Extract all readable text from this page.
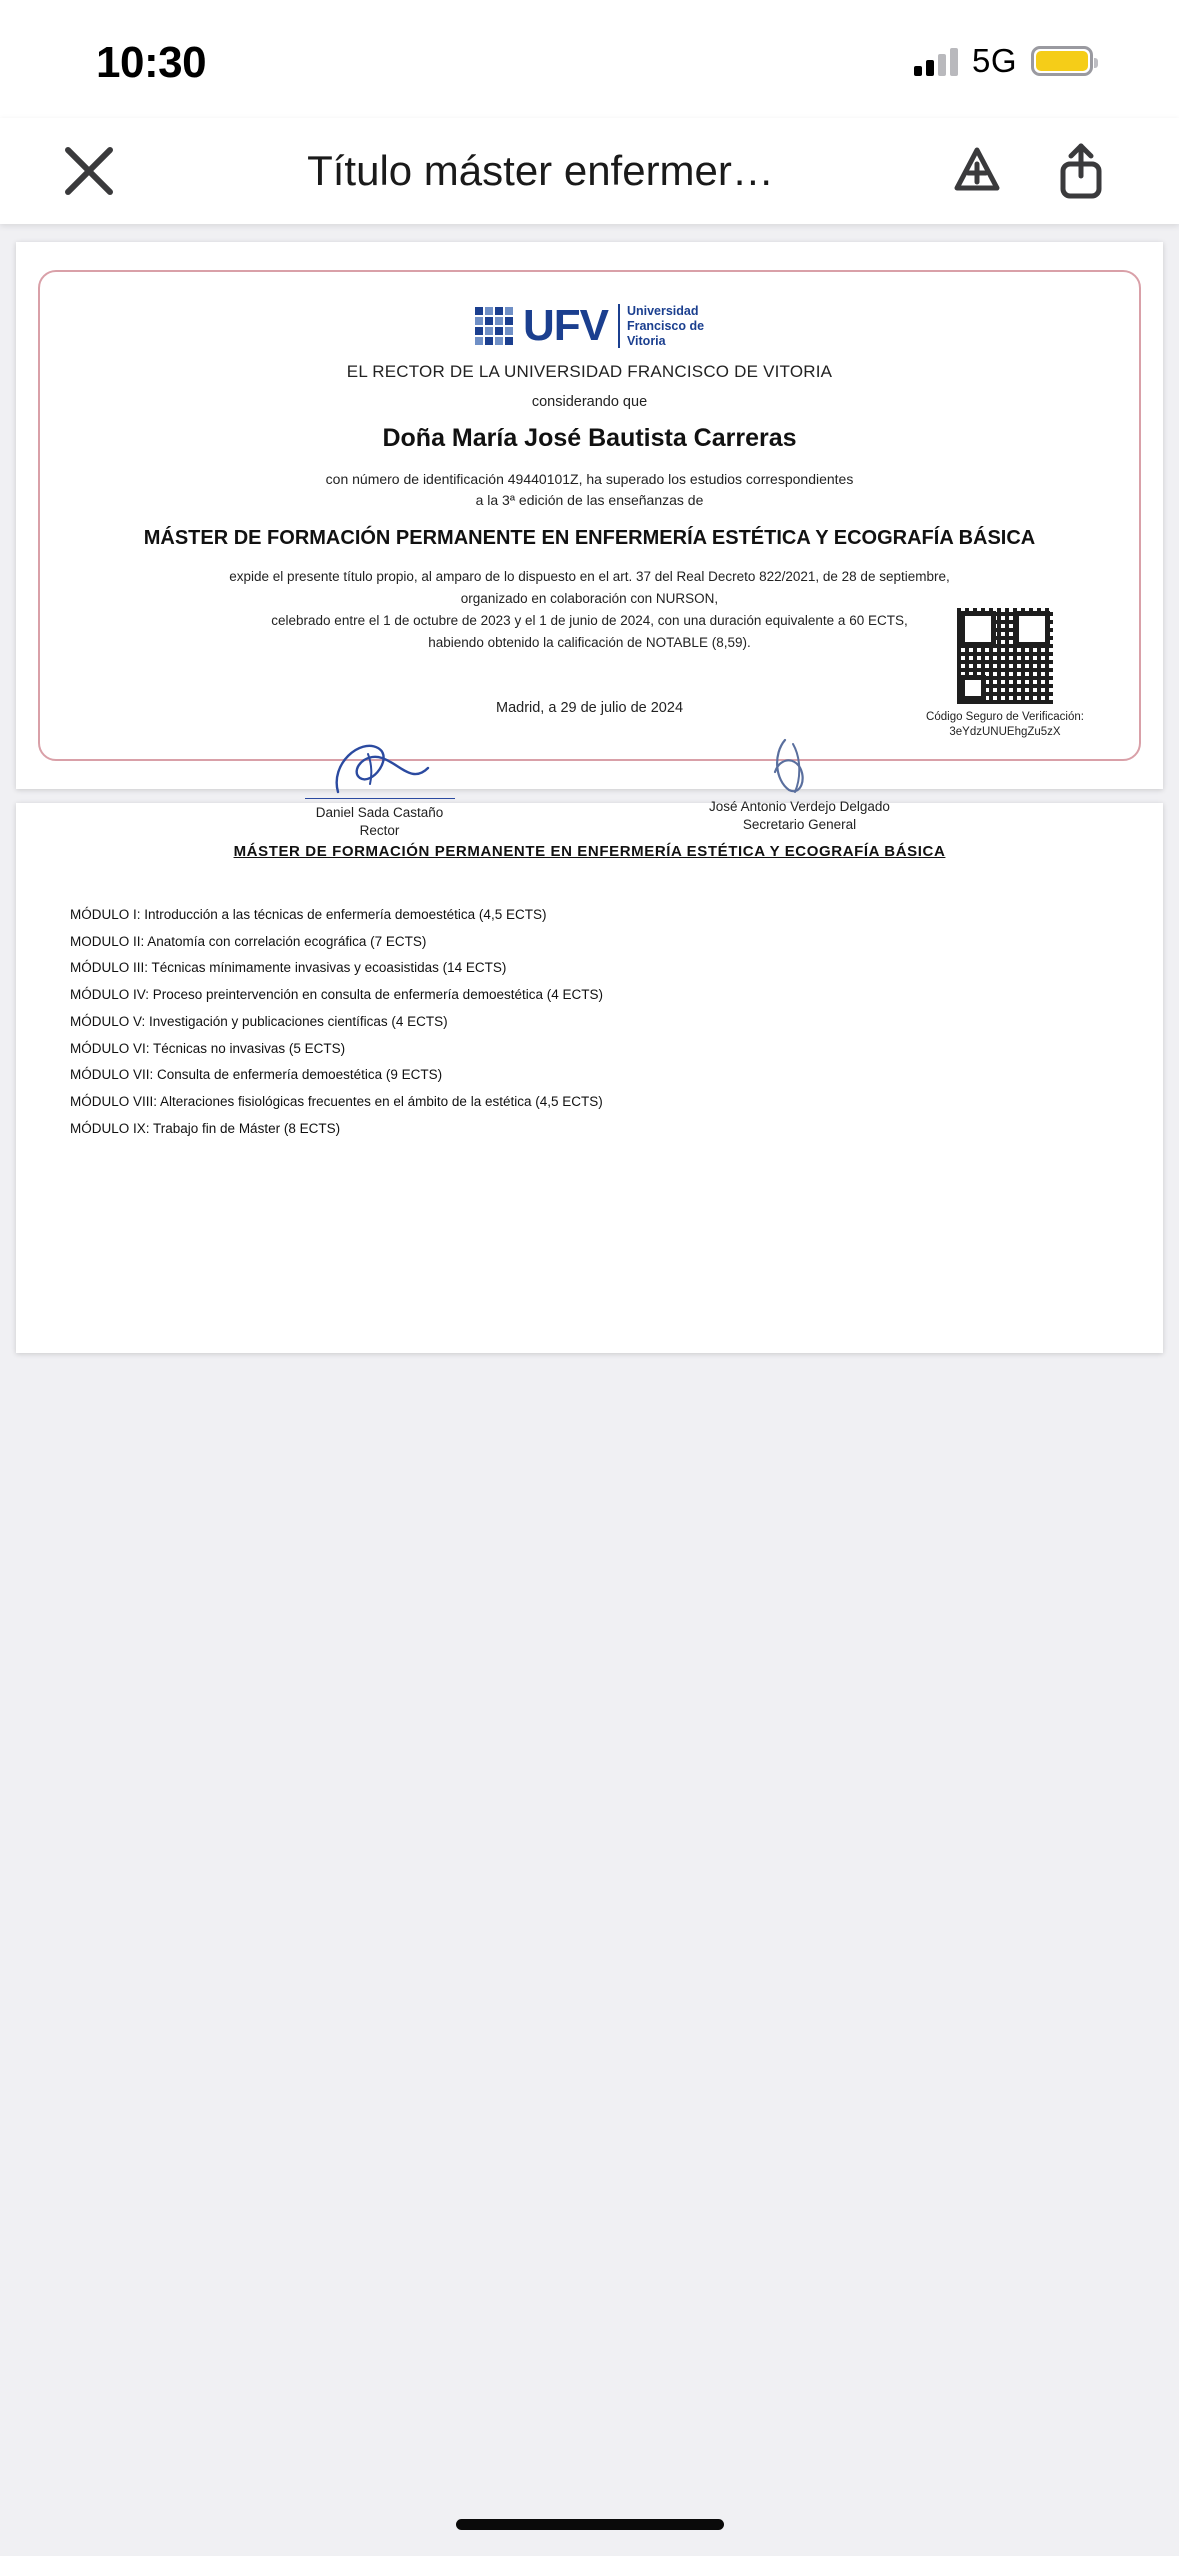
10:30	5G
Título máster enfermer…
UFV Universidad
Francisco de
Vitoria
EL RECTOR DE LA UNIVERSIDAD FRANCISCO DE VITORIA
considerando que
Doña María José Bautista Carreras
con número de identificación 49440101Z, ha superado los estudios correspondientes
a la 3ª edición de las enseñanzas de
MÁSTER DE FORMACIÓN PERMANENTE EN ENFERMERÍA ESTÉTICA Y ECOGRAFÍA BÁSICA
expide el presente título propio, al amparo de lo dispuesto en el art. 37 del Real Decreto 822/2021, de 28 de septiembre,
organizado en colaboración con NURSON,
celebrado entre el 1 de octubre de 2023 y el 1 de junio de 2024, con una duración equivalente a 60 ECTS,
habiendo obtenido la calificación de NOTABLE (8,59).
Madrid, a 29 de julio de 2024
Daniel Sada Castaño
Rector
José Antonio Verdejo Delgado
Secretario General
Código Seguro de Verificación:
3eYdzUNUEhgZu5zX
MÁSTER DE FORMACIÓN PERMANENTE EN ENFERMERÍA ESTÉTICA Y ECOGRAFÍA BÁSICA
MÓDULO I: Introducción a las técnicas de enfermería demoestética (4,5 ECTS)
MODULO II: Anatomía con correlación ecográfica (7 ECTS)
MÓDULO III: Técnicas mínimamente invasivas y ecoasistidas (14 ECTS)
MÓDULO IV: Proceso preintervención en consulta de enfermería demoestética (4 ECTS)
MÓDULO V: Investigación y publicaciones científicas (4 ECTS)
MÓDULO VI: Técnicas no invasivas (5 ECTS)
MÓDULO VII: Consulta de enfermería demoestética (9 ECTS)
MÓDULO VIII: Alteraciones fisiológicas frecuentes en el ámbito de la estética (4,5 ECTS)
MÓDULO IX: Trabajo fin de Máster (8 ECTS)
